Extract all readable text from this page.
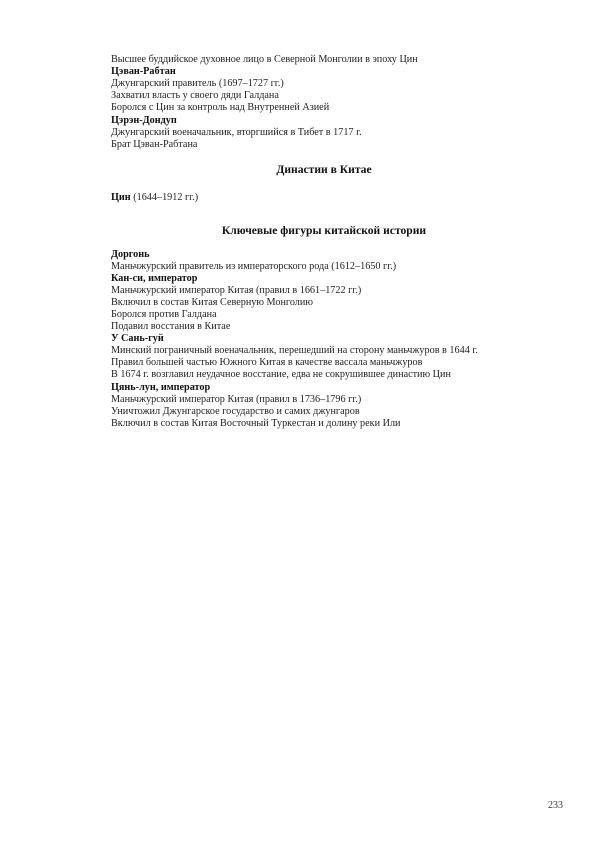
Высшее буддийское духовное лицо в Северной Монголии в эпоху Цин
Цэван-Рабтан
Джунгарский правитель (1697–1727 гг.)
Захватил власть у своего дяди Галдана
Боролся с Цин за контроль над Внутренней Азией
Цэрэн-Дондуп
Джунгарский военачальник, вторгшийся в Тибет в 1717 г.
Брат Цэван-Рабтана
Династии в Китае
Цин (1644–1912 гг.)
Ключевые фигуры китайской истории
Доргонь
Маньчжурский правитель из императорского рода (1612–1650 гг.)
Кан-си, император
Маньчжурский император Китая (правил в 1661–1722 гг.)
Включил в состав Китая Северную Монголию
Боролся против Галдана
Подавил восстания в Китае
У Сань-гуй
Минский пограничный военачальник, перешедший на сторону маньчжуров в 1644 г.
Правил большей частью Южного Китая в качестве вассала маньчжуров
В 1674 г. возглавил неудачное восстание, едва не сокрушившее династию Цин
Цянь-лун, император
Маньчжурский император Китая (правил в 1736–1796 гг.)
Уничтожил Джунгарское государство и самих джунгаров
Включил в состав Китая Восточный Туркестан и долину реки Или
233
